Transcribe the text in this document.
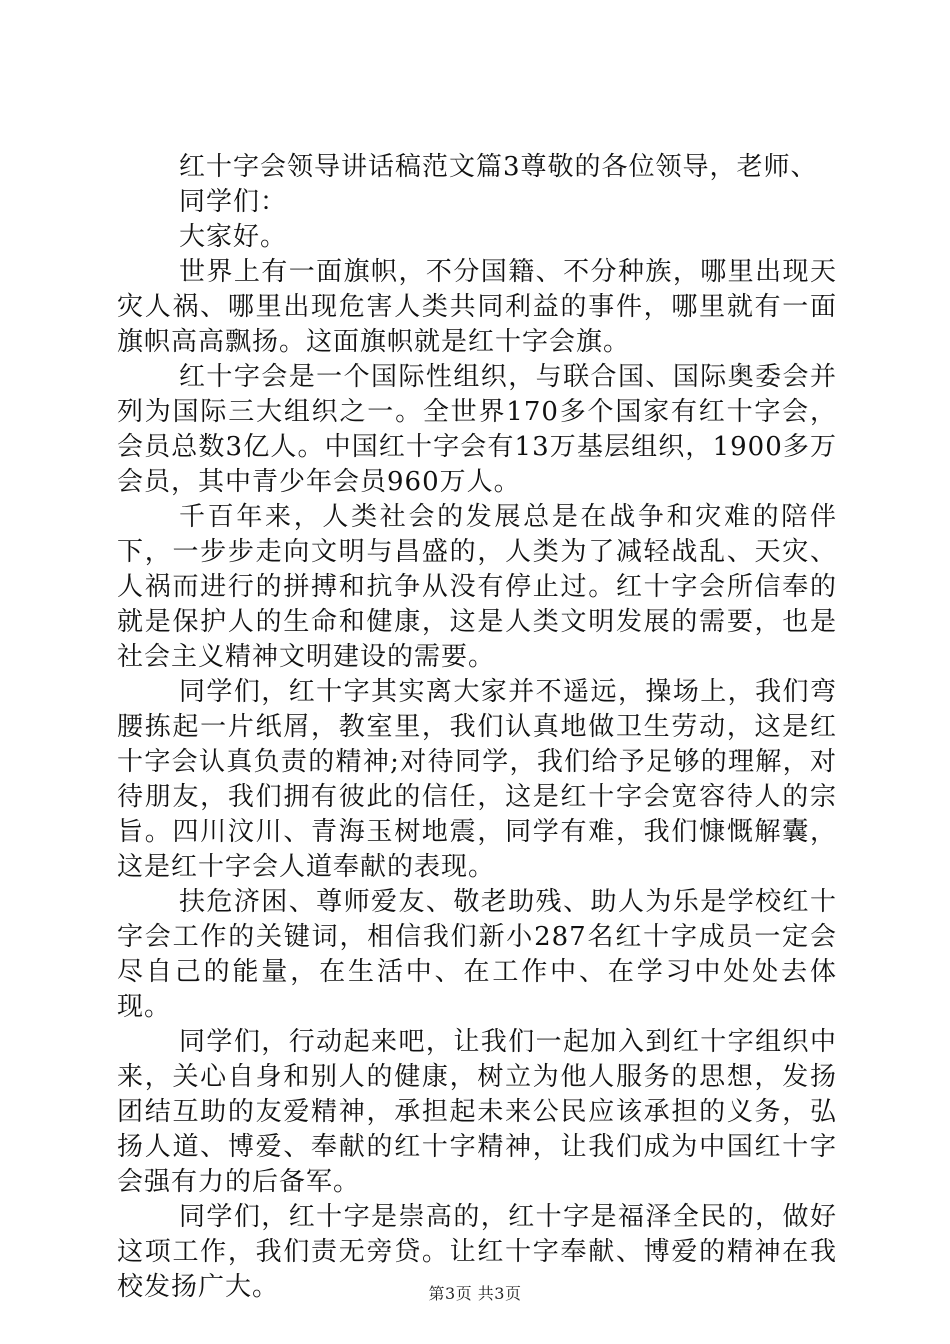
红十字会领导讲话稿范文篇3尊敬的各位领导，老师、

同学们：

大家好。

世界上有一面旗帜，不分国籍、不分种族，哪里出现天灾人祸、哪里出现危害人类共同利益的事件，哪里就有一面旗帜高高飘扬。这面旗帜就是红十字会旗。

红十字会是一个国际性组织，与联合国、国际奥委会并列为国际三大组织之一。全世界170多个国家有红十字会，会员总数3亿人。中国红十字会有13万基层组织，1900多万会员，其中青少年会员960万人。

千百年来，人类社会的发展总是在战争和灾难的陪伴下，一步步走向文明与昌盛的，人类为了减轻战乱、天灾、人祸而进行的拼搏和抗争从没有停止过。红十字会所信奉的就是保护人的生命和健康，这是人类文明发展的需要，也是社会主义精神文明建设的需要。

同学们，红十字其实离大家并不遥远，操场上，我们弯腰拣起一片纸屑，教室里，我们认真地做卫生劳动，这是红十字会认真负责的精神;对待同学，我们给予足够的理解，对待朋友，我们拥有彼此的信任，这是红十字会宽容待人的宗旨。四川汶川、青海玉树地震，同学有难，我们慷慨解囊，这是红十字会人道奉献的表现。

扶危济困、尊师爱友、敬老助残、助人为乐是学校红十字会工作的关键词，相信我们新小287名红十字成员一定会尽自己的能量，在生活中、在工作中、在学习中处处去体现。

同学们，行动起来吧，让我们一起加入到红十字组织中来，关心自身和别人的健康，树立为他人服务的思想，发扬团结互助的友爱精神，承担起未来公民应该承担的义务，弘扬人道、博爱、奉献的红十字精神，让我们成为中国红十字会强有力的后备军。

同学们，红十字是崇高的，红十字是福泽全民的，做好这项工作，我们责无旁贷。让红十字奉献、博爱的精神在我校发扬广大。	第3页 共3页
